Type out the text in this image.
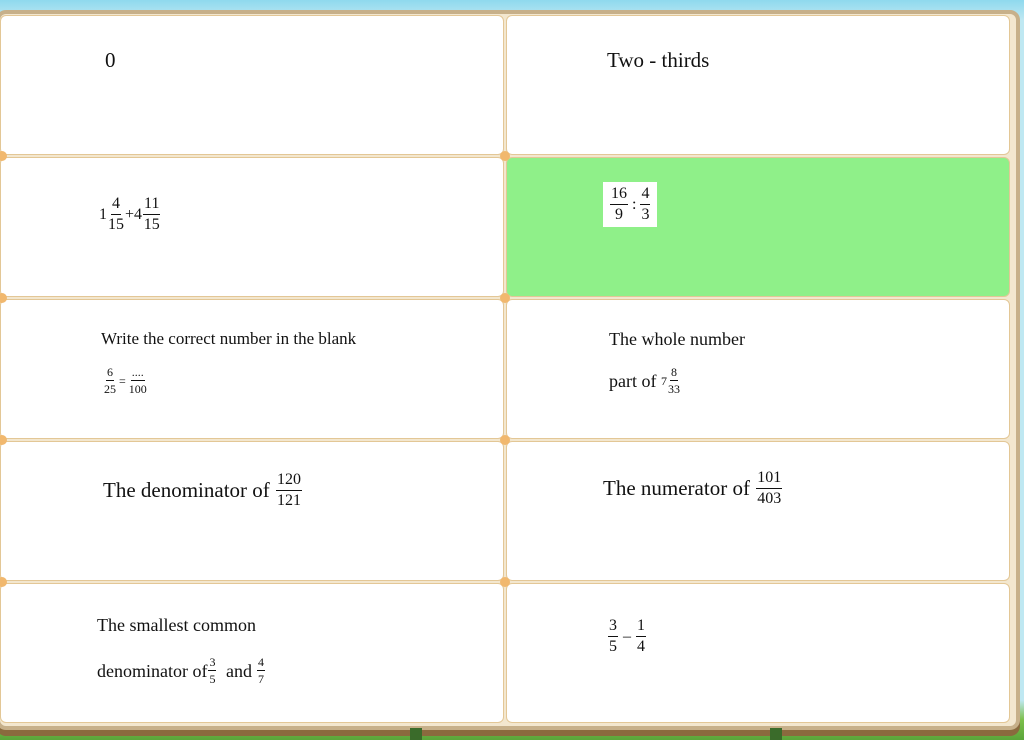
0	Two - thirds
$1 \frac{4}{15} +4 \frac{11}{15}$	$\frac{16}{9}$ : $\frac{4}{3}$
Write the correct number in the blank
$\frac{6}{25} = \frac{....}{100}$
The whole number
part of $7 \frac{8}{33}$
The denominator of $\frac{120}{121}$	The numerator of $\frac{101}{403}$
The smallest common
denominator of $\frac{3}{5}$ and $\frac{4}{7}$
$\frac{3}{5} - \frac{1}{4}$
